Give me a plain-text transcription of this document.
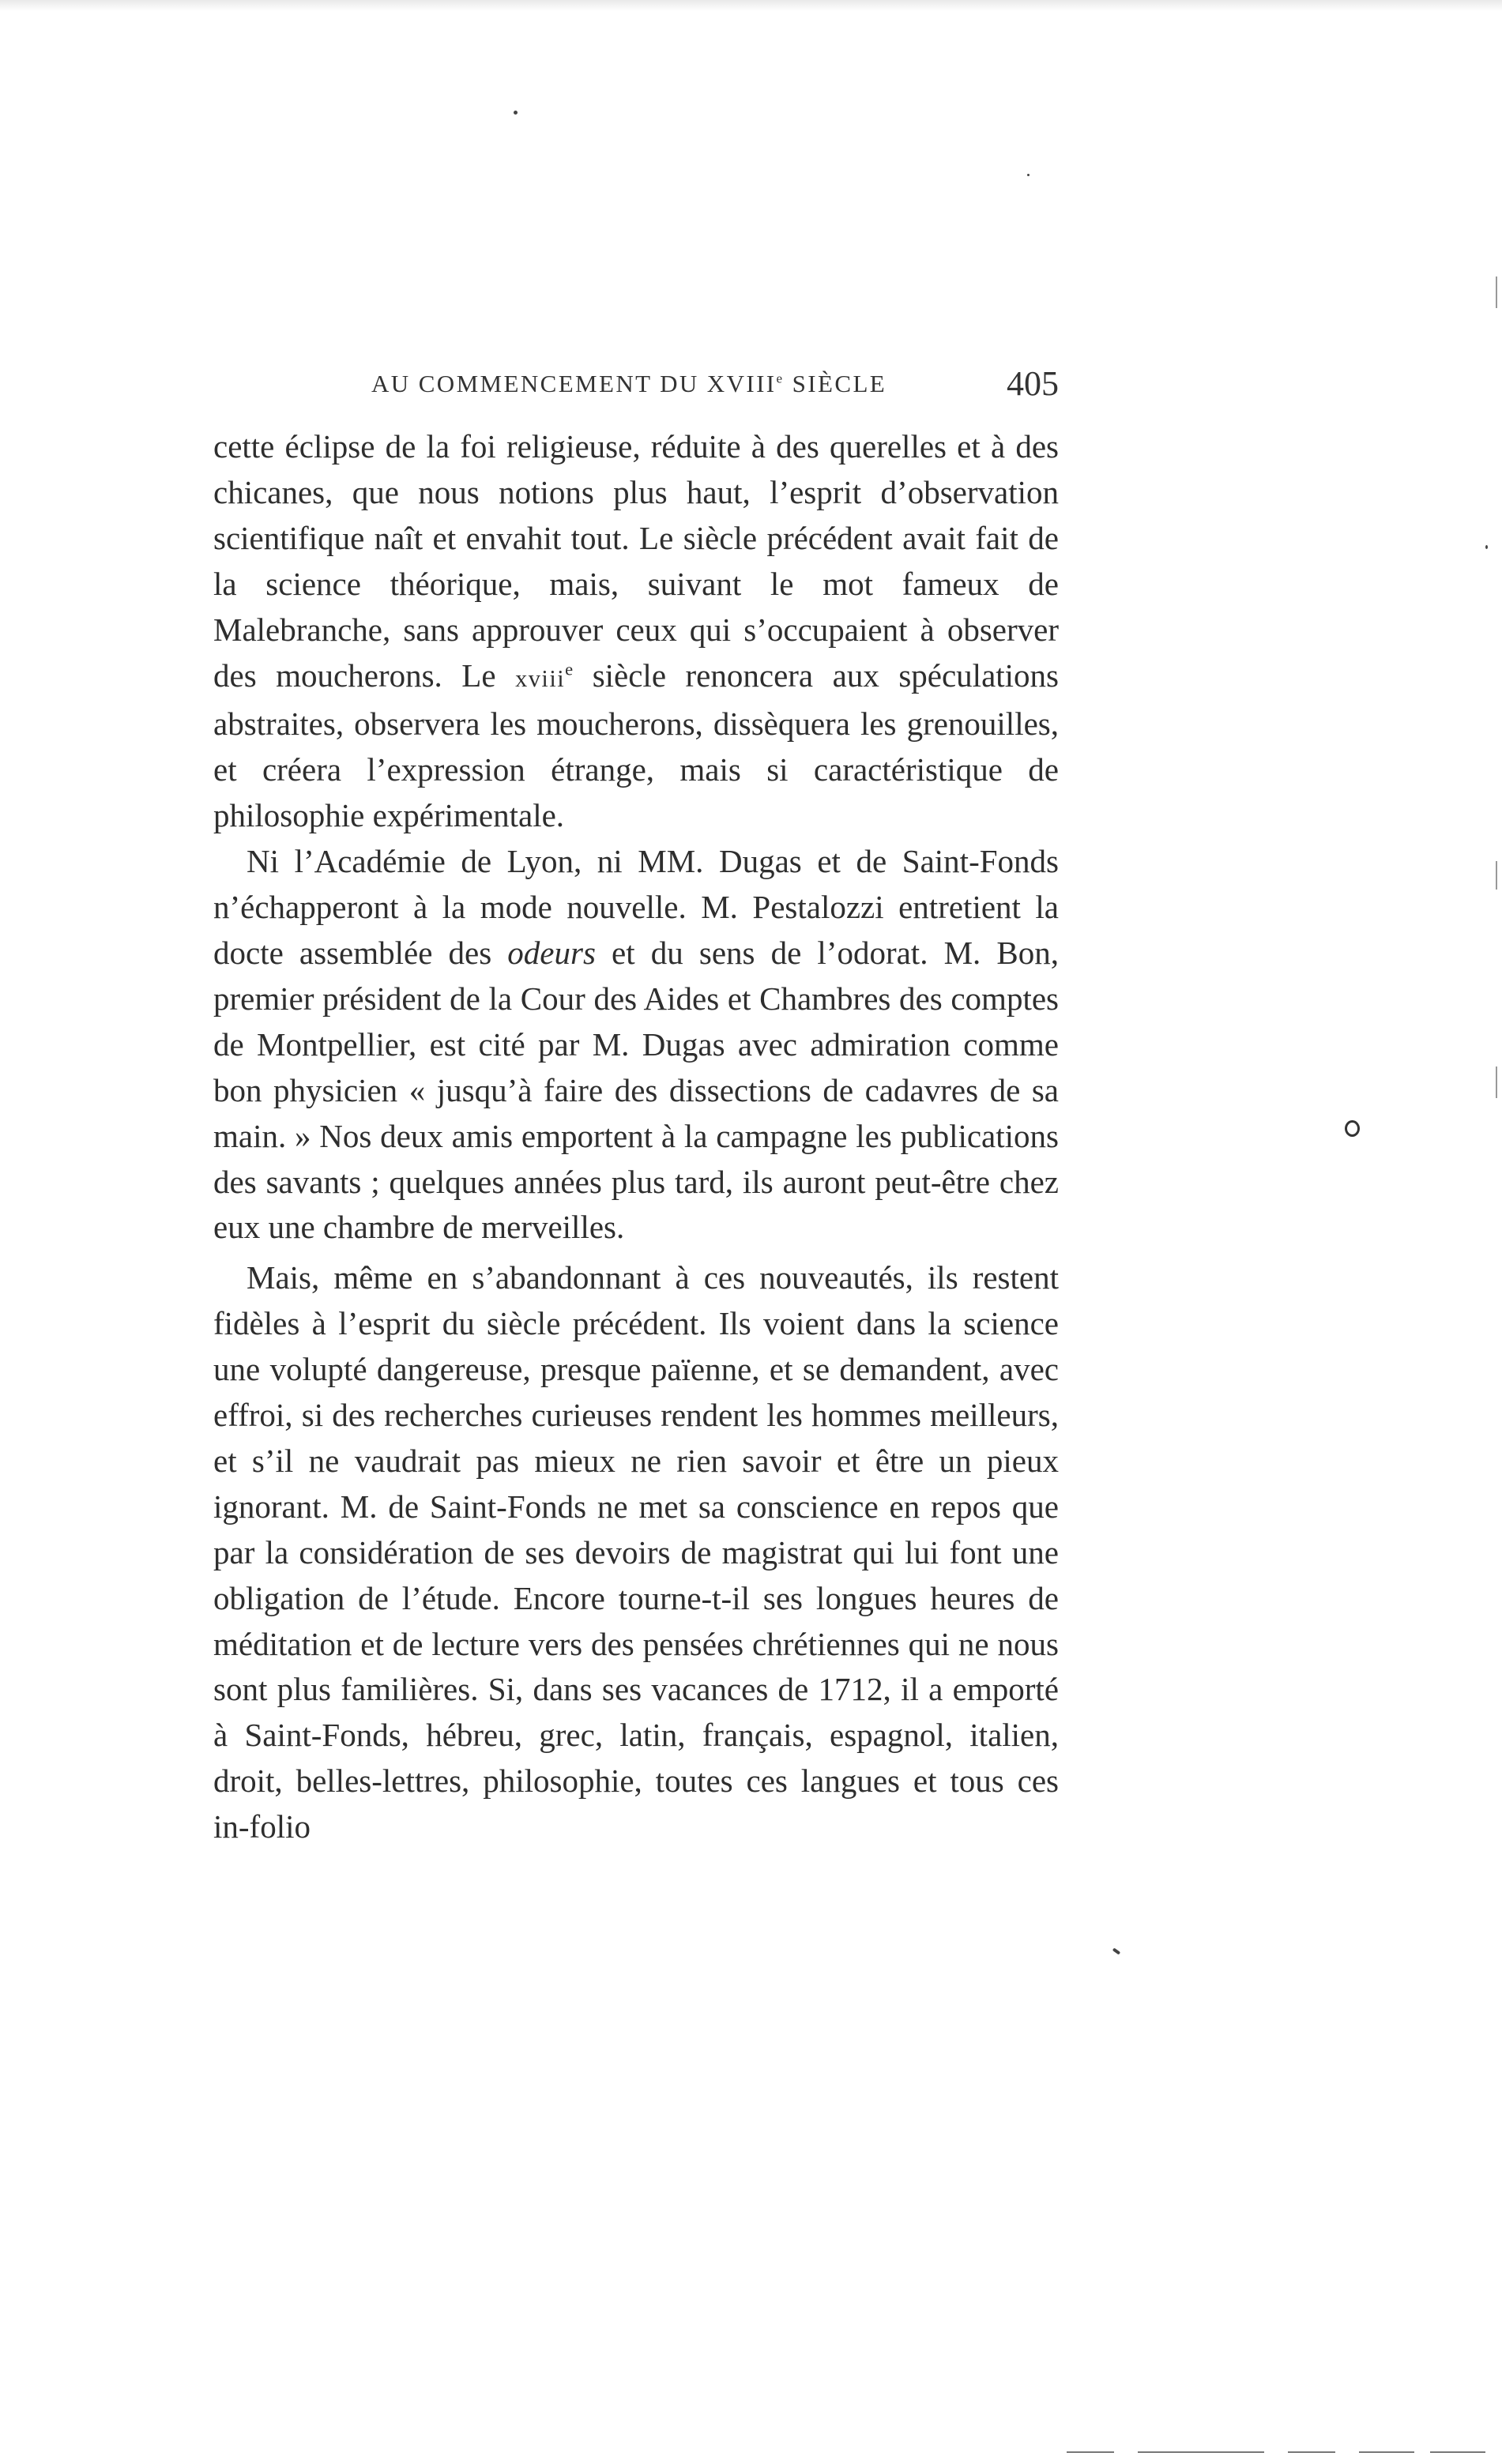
AU COMMENCEMENT DU XVIIIe SIÈCLE	405

cette éclipse de la foi religieuse, réduite à des querelles et à des chicanes, que nous notions plus haut, l’esprit d’observation scientifique naît et envahit tout. Le siècle précédent avait fait de la science théorique, mais, suivant le mot fameux de Malebranche, sans approuver ceux qui s’occupaient à observer des moucherons. Le xviii$^e$ siècle renoncera aux spéculations abstraites, observera les moucherons, dissèquera les grenouilles, et créera l’expression étrange, mais si caractéristique de philosophie expérimentale.

Ni l’Académie de Lyon, ni MM. Dugas et de Saint-Fonds n’échapperont à la mode nouvelle. M. Pestalozzi entretient la docte assemblée des odeurs et du sens de l’odorat. M. Bon, premier président de la Cour des Aides et Chambres des comptes de Montpellier, est cité par M. Dugas avec admiration comme bon physicien « jusqu’à faire des dissections de cadavres de sa main. » Nos deux amis emportent à la campagne les publications des savants ; quelques années plus tard, ils auront peut-être chez eux une chambre de merveilles.

Mais, même en s’abandonnant à ces nouveautés, ils restent fidèles à l’esprit du siècle précédent. Ils voient dans la science une volupté dangereuse, presque païenne, et se demandent, avec effroi, si des recherches curieuses rendent les hommes meilleurs, et s’il ne vaudrait pas mieux ne rien savoir et être un pieux ignorant. M. de Saint-Fonds ne met sa conscience en repos que par la considération de ses devoirs de magistrat qui lui font une obligation de l’étude. Encore tourne-t-il ses longues heures de méditation et de lecture vers des pensées chrétiennes qui ne nous sont plus familières. Si, dans ses vacances de 1712, il a emporté à Saint-Fonds, hébreu, grec, latin, français, espagnol, italien, droit, belles-lettres, philosophie, toutes ces langues et tous ces in-folio
